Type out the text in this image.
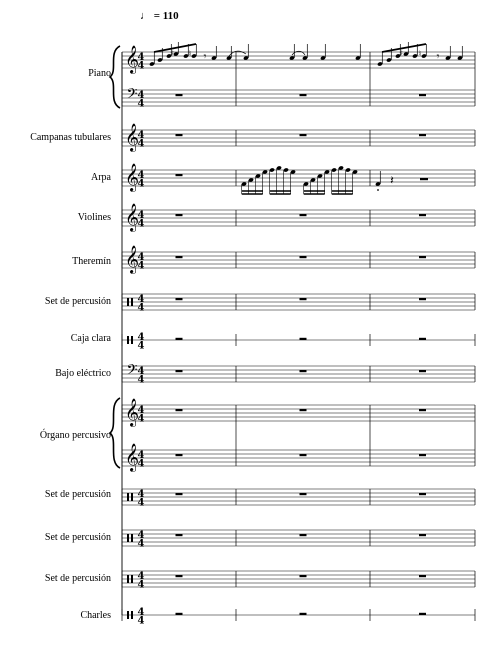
♩ = 110
Piano
Campanas tubulares
Arpa
Violines
Theremín
Set de percusión
Caja clara
Bajo eléctrico
Órgano percusivo
Set de percusión
Set de percusión
Set de percusión
Charles
𝄞
4
4
𝄢 4
4
𝄞
4
4
𝄞
4
4
𝄞
4
4
𝄞
4
4
4
4
4
4
𝄢 4
4
𝄞
4
4
𝄞
4
4
4
4
4
4
4
4
4
4
♯ ♮ 𝄾	♯ ♮ 𝄾
𝄽
